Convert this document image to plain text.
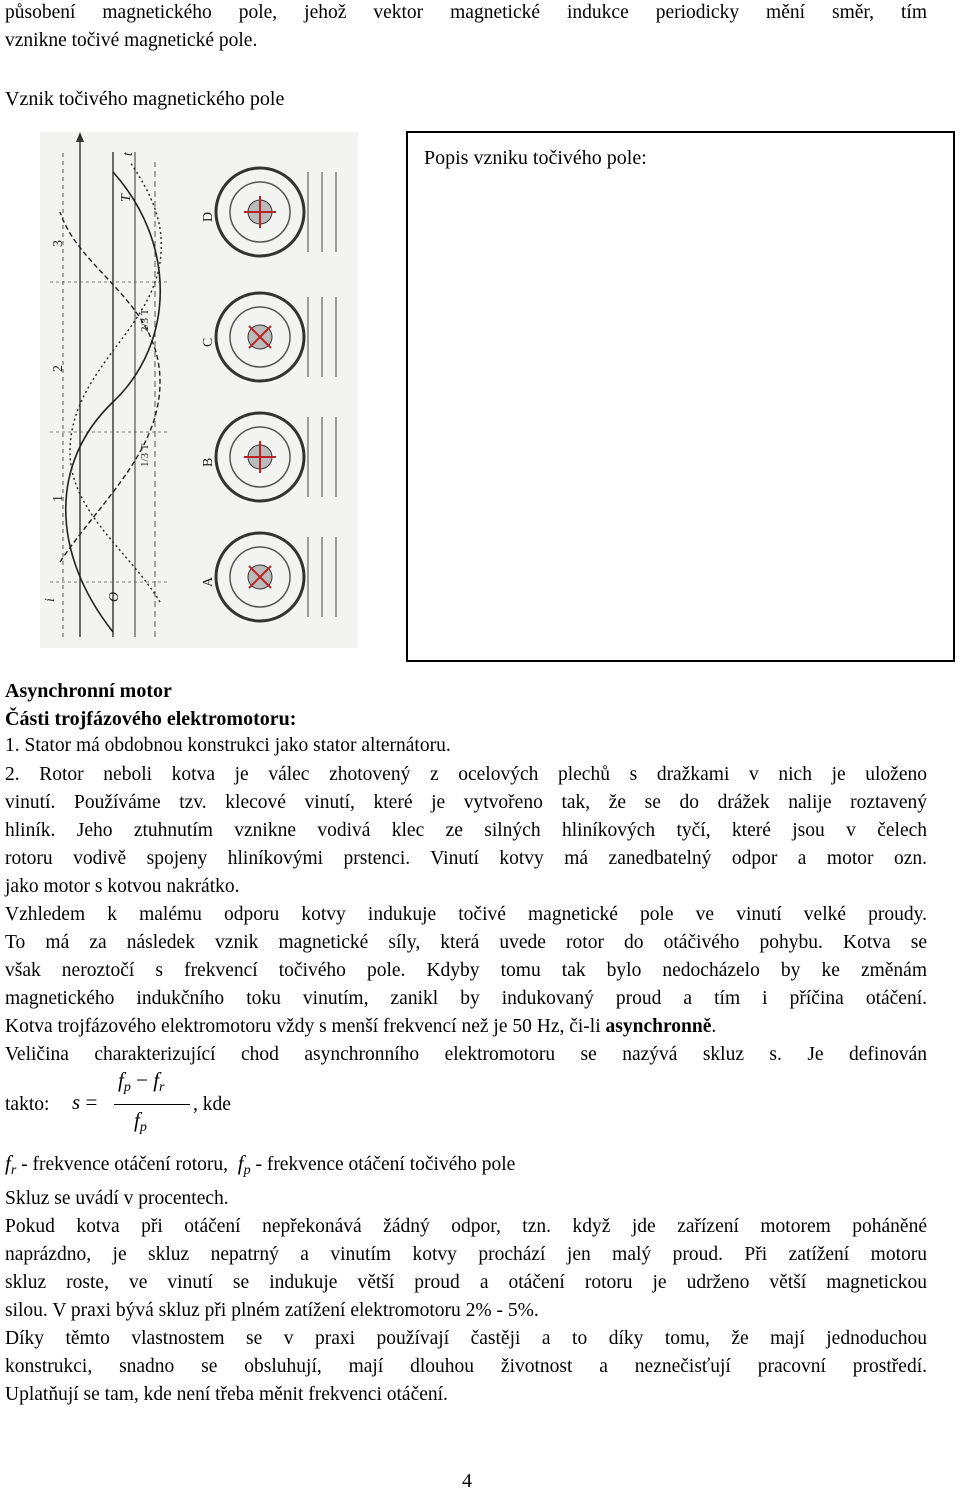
působení magnetického pole, jehož vektor magnetické indukce periodicky mění směr, tím
vznikne točivé magnetické pole.
Vznik točivého magnetického pole
i
t
O
T
1
2
3
1/3 T
2/3 T
A
B
C
D
Popis vzniku točivého pole:
Asynchronní motor
Části trojfázového elektromotoru:
1. Stator má obdobnou konstrukci jako stator alternátoru.
2. Rotor neboli kotva je válec zhotovený z ocelových plechů s dražkami v nich je uloženo
vinutí. Používáme tzv. klecové vinutí, které je vytvořeno tak, že se do drážek nalije roztavený
hliník. Jeho ztuhnutím vznikne vodivá klec ze silných hliníkových tyčí, které jsou v čelech
rotoru vodivě spojeny hliníkovými prstenci. Vinutí kotvy má zanedbatelný odpor a motor ozn.
jako motor s kotvou nakrátko.
Vzhledem k malému odporu kotvy indukuje točivé magnetické pole ve vinutí velké proudy.
To má za následek vznik magnetické síly, která uvede rotor do otáčivého pohybu. Kotva se
však neroztočí s frekvencí točivého pole. Kdyby tomu tak bylo nedocházelo by ke změnám
magnetického indukčního toku vinutím, zanikl by indukovaný proud a tím i příčina otáčení.
Kotva trojfázového elektromotoru vždy s menší frekvencí než je 50 Hz, či-li asynchronně.
Veličina charakterizující chod asynchronního elektromotoru se nazývá skluz s. Je definován
takto: s =
fp − fr
fp
, kde
$f_r$ - frekvence otáčení rotoru, $f_p$ - frekvence otáčení točivého pole
Skluz se uvádí v procentech.
Pokud kotva při otáčení nepřekonává žádný odpor, tzn. když jde zařízení motorem poháněné
naprázdno, je skluz nepatrný a vinutím kotvy prochází jen malý proud. Při zatížení motoru
skluz roste, ve vinutí se indukuje větší proud a otáčení rotoru je udrženo větší magnetickou
silou. V praxi bývá skluz při plném zatížení elektromotoru 2% - 5%.
Díky těmto vlastnostem se v praxi používají častěji a to díky tomu, že mají jednoduchou
konstrukci, snadno se obsluhují, mají dlouhou životnost a neznečisťují pracovní prostředí.
Uplatňují se tam, kde není třeba měnit frekvenci otáčení.
4
